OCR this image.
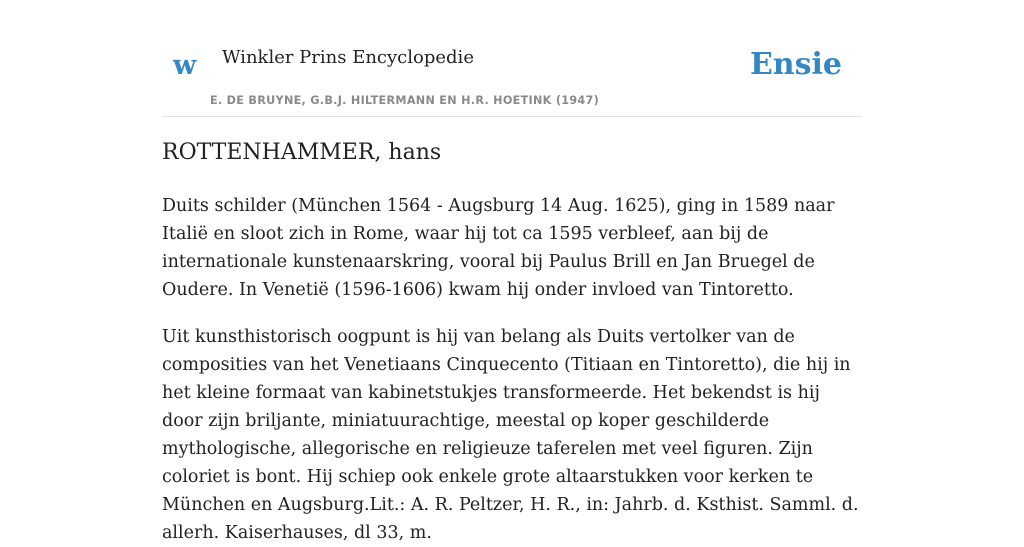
w Winkler Prins Encyclopedie
E. DE BRUYNE, G.B.J. HILTERMANN EN H.R. HOETINK (1947)
Ensie
ROTTENHAMMER, hans

Duits schilder (München 1564 - Augsburg 14 Aug. 1625), ging in 1589 naar Italië en sloot zich in Rome, waar hij tot ca 1595 verbleef, aan bij de internationale kunstenaarskring, vooral bij Paulus Brill en Jan Bruegel de Oudere. In Venetië (1596-1606) kwam hij onder invloed van Tintoretto.

Uit kunsthistorisch oogpunt is hij van belang als Duits vertolker van de composities van het Venetiaans Cinquecento (Titiaan en Tintoretto), die hij in het kleine formaat van kabinetstukjes transformeerde. Het bekendst is hij door zijn briljante, miniatuurachtige, meestal op koper geschilderde mythologische, allegorische en religieuze taferelen met veel figuren. Zijn coloriet is bont. Hij schiep ook enkele grote altaarstukken voor kerken te München en Augsburg.Lit.: A. R. Peltzer, H. R., in: Jahrb. d. Ksthist. Samml. d. allerh. Kaiserhauses, dl 33, m.
